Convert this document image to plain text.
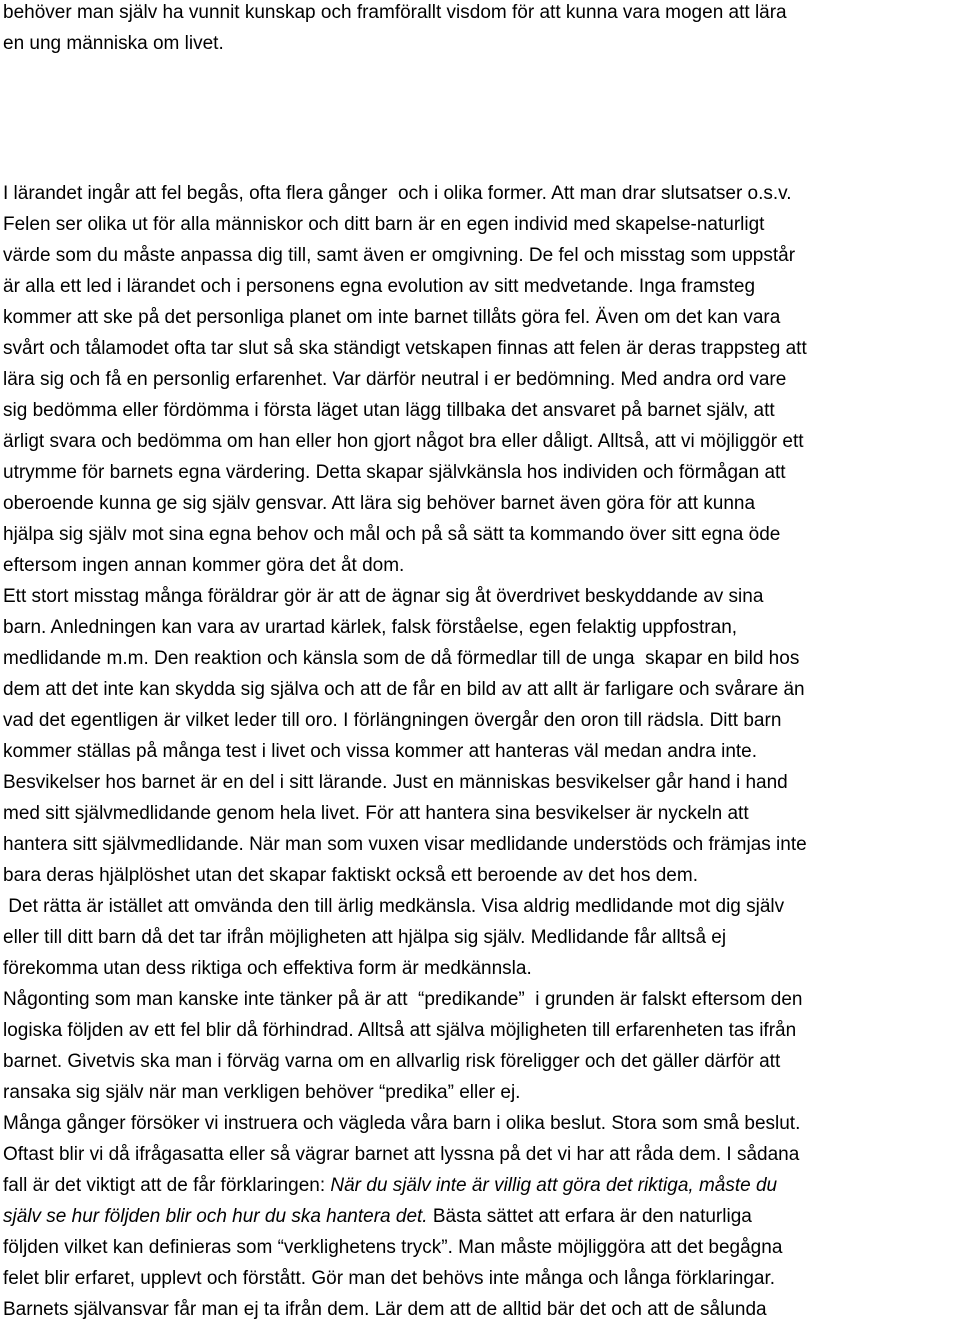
behöver man själv ha vunnit kunskap och framförallt visdom för att kunna vara mogen att lära
en ung människa om livet.
I lärandet ingår att fel begås, ofta flera gånger  och i olika former. Att man drar slutsatser o.s.v.
Felen ser olika ut för alla människor och ditt barn är en egen individ med skapelse-naturligt
värde som du måste anpassa dig till, samt även er omgivning. De fel och misstag som uppstår
är alla ett led i lärandet och i personens egna evolution av sitt medvetande. Inga framsteg
kommer att ske på det personliga planet om inte barnet tillåts göra fel. Även om det kan vara
svårt och tålamodet ofta tar slut så ska ständigt vetskapen finnas att felen är deras trappsteg att
lära sig och få en personlig erfarenhet. Var därför neutral i er bedömning. Med andra ord vare
sig bedömma eller fördömma i första läget utan lägg tillbaka det ansvaret på barnet själv, att
ärligt svara och bedömma om han eller hon gjort något bra eller dåligt. Alltså, att vi möjliggör ett
utrymme för barnets egna värdering. Detta skapar självkänsla hos individen och förmågan att
oberoende kunna ge sig själv gensvar. Att lära sig behöver barnet även göra för att kunna
hjälpa sig själv mot sina egna behov och mål och på så sätt ta kommando över sitt egna öde
eftersom ingen annan kommer göra det åt dom.
Ett stort misstag många föräldrar gör är att de ägnar sig åt överdrivet beskyddande av sina
barn. Anledningen kan vara av urartad kärlek, falsk förståelse, egen felaktig uppfostran,
medlidande m.m. Den reaktion och känsla som de då förmedlar till de unga  skapar en bild hos
dem att det inte kan skydda sig själva och att de får en bild av att allt är farligare och svårare än
vad det egentligen är vilket leder till oro. I förlängningen övergår den oron till rädsla. Ditt barn
kommer ställas på många test i livet och vissa kommer att hanteras väl medan andra inte.
Besvikelser hos barnet är en del i sitt lärande. Just en människas besvikelser går hand i hand
med sitt självmedlidande genom hela livet. För att hantera sina besvikelser är nyckeln att
hantera sitt självmedlidande. När man som vuxen visar medlidande understöds och främjas inte
bara deras hjälplöshet utan det skapar faktiskt också ett beroende av det hos dem.
Det rätta är istället att omvända den till ärlig medkänsla. Visa aldrig medlidande mot dig själv
eller till ditt barn då det tar ifrån möjligheten att hjälpa sig själv. Medlidande får alltså ej
förekomma utan dess riktiga och effektiva form är medkännsla.
Någonting som man kanske inte tänker på är att  “predikande”  i grunden är falskt eftersom den
logiska följden av ett fel blir då förhindrad. Alltså att själva möjligheten till erfarenheten tas ifrån
barnet. Givetvis ska man i förväg varna om en allvarlig risk föreligger och det gäller därför att
ransaka sig själv när man verkligen behöver “predika” eller ej.
Många gånger försöker vi instruera och vägleda våra barn i olika beslut. Stora som små beslut.
Oftast blir vi då ifrågasatta eller så vägrar barnet att lyssna på det vi har att råda dem. I sådana
fall är det viktigt att de får förklaringen: När du själv inte är villig att göra det riktiga, måste du
själv se hur följden blir och hur du ska hantera det. Bästa sättet att erfara är den naturliga
följden vilket kan definieras som “verklighetens tryck”. Man måste möjliggöra att det begågna
felet blir erfaret, upplevt och förstått. Gör man det behövs inte många och långa förklaringar.
Barnets självansvar får man ej ta ifrån dem. Lär dem att de alltid bär det och att de sålunda
